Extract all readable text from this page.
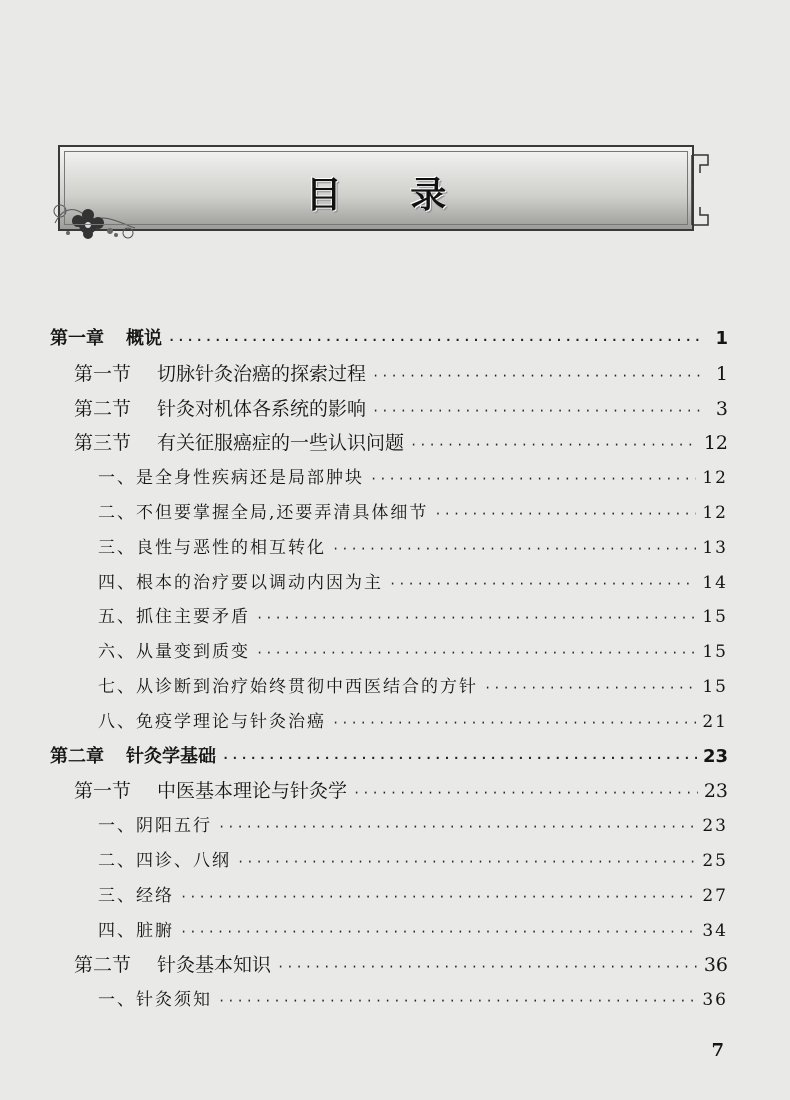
目 录
第一章 概说 ·····	1
第一节 切脉针灸治癌的探索过程 ·····	1
第二节 针灸对机体各系统的影响 ·····	3
第三节 有关征服癌症的一些认识问题 ·····	12
一、是全身性疾病还是局部肿块 ·····	12
二、不但要掌握全局,还要弄清具体细节 ·····	12
三、良性与恶性的相互转化 ·····	13
四、根本的治疗要以调动内因为主 ·····	14
五、抓住主要矛盾 ·····	15
六、从量变到质变 ·····	15
七、从诊断到治疗始终贯彻中西医结合的方针 ·····	15
八、免疫学理论与针灸治癌 ·····	21
第二章 针灸学基础 ·····	23
第一节 中医基本理论与针灸学 ·····	23
一、阴阳五行 ·····	23
二、四诊、八纲 ·····	25
三、经络 ·····	27
四、脏腑 ·····	34
第二节 针灸基本知识 ·····	36
一、针灸须知 ·····	36
7
